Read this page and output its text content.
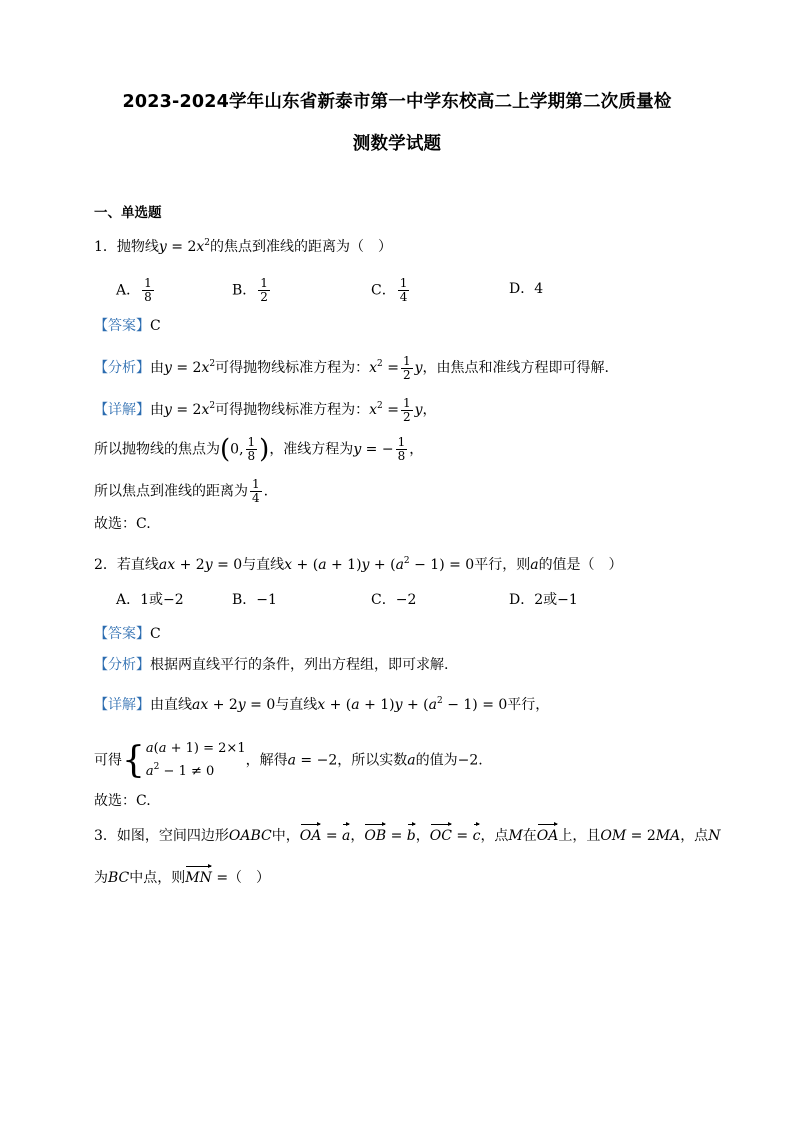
2023-2024学年山东省新泰市第一中学东校高二上学期第二次质量检
测数学试题
一、单选题
1．抛物线$y = 2x^2$的焦点到准线的距离为（　）
A． $\frac{1}{8}$	B． $\frac{1}{2}$	C． $\frac{1}{4}$	D．4
【答案】C
【分析】由$y = 2x^2$可得抛物线标准方程为：$x^2 = \frac{1}{2}$ y，由焦点和准线方程即可得解.
【详解】由$y = 2x^2$可得抛物线标准方程为：$x^2 = \frac{1}{2}$ y，
所以抛物线的焦点为(0, $\frac{1}{8}$ )，准线方程为y = − $\frac{1}{8}$ ，
所以焦点到准线的距离为 $\frac{1}{4}$ .
故选：C.
2．若直线ax + 2y = 0与直线$x + (a + 1)y + (a^2 - 1) = 0$平行，则a的值是（　）
A．1或−2	B．−1	C．−2	D．2或−1
【答案】C
【分析】根据两直线平行的条件，列出方程组，即可求解.
【详解】由直线ax + 2y = 0与直线$x + (a + 1)y + (a^2 - 1) = 0$平行，
可得 { a(a + 1) = 2×1
$a^2 - 1 \ne 0$
，解得a = −2，所以实数a的值为−2.
故选：C.
3．如图，空间四边形OABC中，OA = a，OB = b，OC = c，点M在OA上，且OM = 2MA，点N
为BC中点，则MN =（　）
